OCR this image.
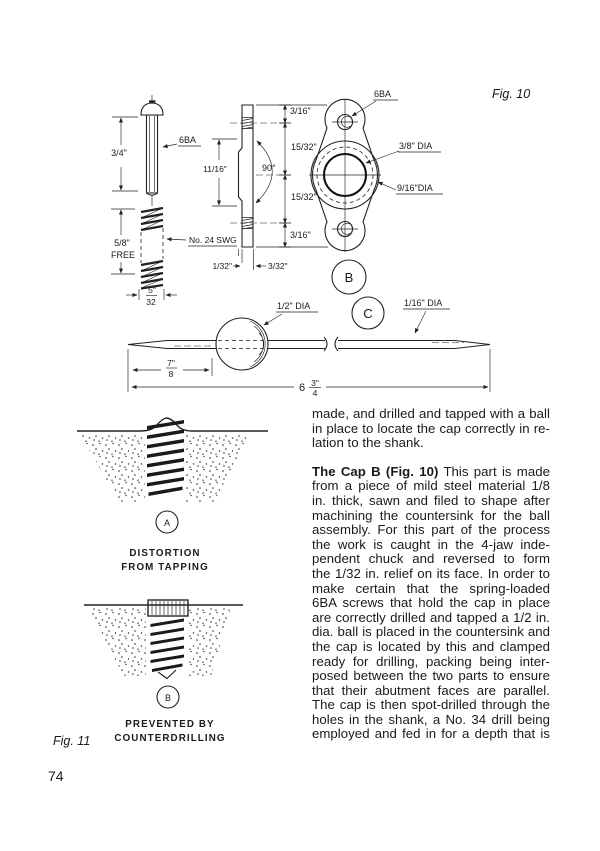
3/4"
6BA
5/8"
FREE
No. 24 SWG
5"
32
3/16"
15/32"
15/32"
3/16"
90°
11/16"
1/32"	3/32"
6BA
3/8" DIA
9/16"DIA
Fig. 10
B
C
1/2" DIA	1/16" DIA
7"
8
6 3"
4
A
DISTORTION
FROM TAPPING
B
PREVENTED BY
COUNTERDRILLING
Fig. 11
made, and drilled and tapped with a ball
in place to locate the cap correctly in re-
lation to the shank.
The Cap B (Fig. 10) This part is made
from a piece of mild steel material 1/8
in. thick, sawn and filed to shape after
machining the countersink for the ball
assembly. For this part of the process
the work is caught in the 4-jaw inde-
pendent chuck and reversed to form
the 1/32 in. relief on its face. In order to
make certain that the spring-loaded
6BA screws that hold the cap in place
are correctly drilled and tapped a 1/2 in.
dia. ball is placed in the countersink and
the cap is located by this and clamped
ready for drilling, packing being inter-
posed between the two parts to ensure
that their abutment faces are parallel.
The cap is then spot-drilled through the
holes in the shank, a No. 34 drill being
employed and fed in for a depth that is
74
